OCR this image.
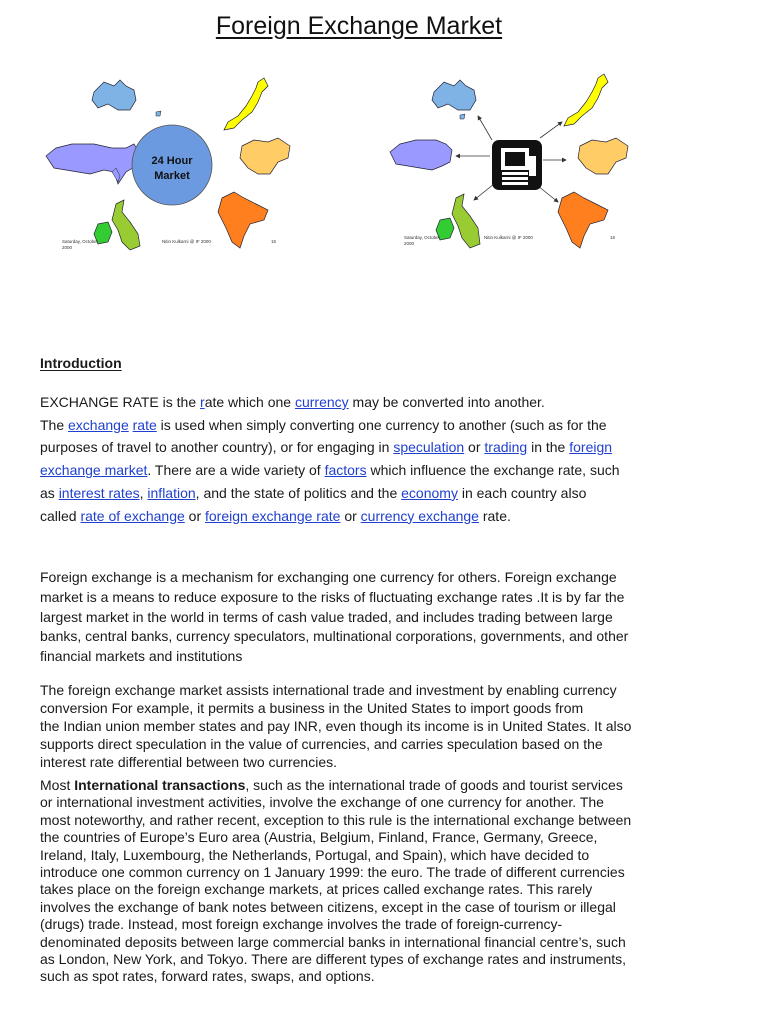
Foreign Exchange Market
24 Hour
Market
Saturday, October
2000
Nitin Kulkarni @ IF 2000	15
Saturday, October
2000
Nitin Kulkarni @ IF 2000	16
Introduction
EXCHANGE RATE is the rate which one currency may be converted into another.
The exchange rate is used when simply converting one currency to another (such as for the
purposes of travel to another country), or for engaging in speculation or trading in the foreign
exchange market. There are a wide variety of factors which influence the exchange rate, such
as interest rates, inflation, and the state of politics and the economy in each country also
called rate of exchange or foreign exchange rate or currency exchange rate.
Foreign exchange is a mechanism for exchanging one currency for others. Foreign exchange
market is a means to reduce exposure to the risks of fluctuating exchange rates .It is by far the
largest market in the world in terms of cash value traded, and includes trading between large
banks, central banks, currency speculators, multinational corporations, governments, and other
financial markets and institutions
The foreign exchange market assists international trade and investment by enabling currency
conversion For example, it permits a business in the United States to import goods from
the Indian union member states and pay INR, even though its income is in United States. It also
supports direct speculation in the value of currencies, and carries speculation based on the
interest rate differential between two currencies.
Most International transactions, such as the international trade of goods and tourist services
or international investment activities, involve the exchange of one currency for another. The
most noteworthy, and rather recent, exception to this rule is the international exchange between
the countries of Europe’s Euro area (Austria, Belgium, Finland, France, Germany, Greece,
Ireland, Italy, Luxembourg, the Netherlands, Portugal, and Spain), which have decided to
introduce one common currency on 1 January 1999: the euro. The trade of different currencies
takes place on the foreign exchange markets, at prices called exchange rates. This rarely
involves the exchange of bank notes between citizens, except in the case of tourism or illegal
(drugs) trade. Instead, most foreign exchange involves the trade of foreign-currency-
denominated deposits between large commercial banks in international financial centre’s, such
as London, New York, and Tokyo. There are different types of exchange rates and instruments,
such as spot rates, forward rates, swaps, and options.
